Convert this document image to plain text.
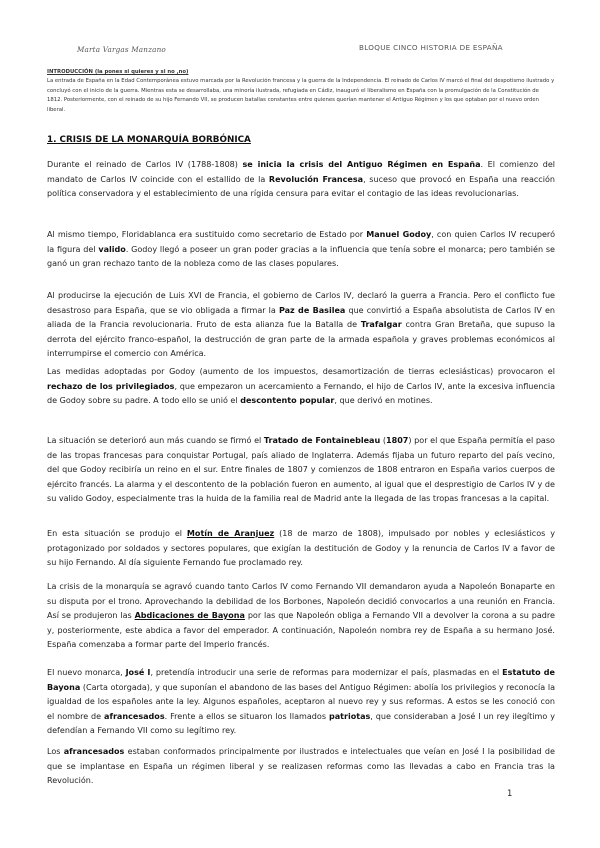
Marta Vargas Manzano	BLOQUE CINCO HISTORIA DE ESPAÑA
INTRODUCCIÓN (la pones si quieres y si no ,no)
La entrada de España en la Edad Contemporánea estuvo marcada por la Revolución francesa y la guerra de la Independencia. El reinado de Carlos IV marcó el final del despotismo ilustrado y concluyó con el inicio de la guerra. Mientras esta se desarrollaba, una minoría ilustrada, refugiada en Cádiz, inauguró el liberalismo en España con la promulgación de la Constitución de 1812. Posteriormente, con el reinado de su hijo Fernando VII, se producen batallas constantes entre quienes querían mantener el Antiguo Régimen y los que optaban por el nuevo orden liberal.
1. CRISIS DE LA MONARQUÍA BORBÓNICA
Durante el reinado de Carlos IV (1788-1808) se inicia la crisis del Antiguo Régimen en España. El comienzo del mandato de Carlos IV coincide con el estallido de la Revolución Francesa, suceso que provocó en España una reacción política conservadora y el establecimiento de una rígida censura para evitar el contagio de las ideas revolucionarias.
Al mismo tiempo, Floridablanca era sustituido como secretario de Estado por Manuel Godoy, con quien Carlos IV recuperó la figura del valido. Godoy llegó a poseer un gran poder gracias a la influencia que tenía sobre el monarca; pero también se ganó un gran rechazo tanto de la nobleza como de las clases populares.
Al producirse la ejecución de Luis XVI de Francia, el gobierno de Carlos IV, declaró la guerra a Francia. Pero el conflicto fue desastroso para España, que se vio obligada a firmar la Paz de Basilea que convirtió a España absolutista de Carlos IV en aliada de la Francia revolucionaria. Fruto de esta alianza fue la Batalla de Trafalgar contra Gran Bretaña, que supuso la derrota del ejército franco-español, la destrucción de gran parte de la armada española y graves problemas económicos al interrumpirse el comercio con América.
Las medidas adoptadas por Godoy (aumento de los impuestos, desamortización de tierras eclesiásticas) provocaron el rechazo de los privilegiados, que empezaron un acercamiento a Fernando, el hijo de Carlos IV, ante la excesiva influencia de Godoy sobre su padre. A todo ello se unió el descontento popular, que derivó en motines.
La situación se deterioró aun más cuando se firmó el Tratado de Fontainebleau (1807) por el que España permitía el paso de las tropas francesas para conquistar Portugal, país aliado de Inglaterra. Además fijaba un futuro reparto del país vecino, del que Godoy recibiría un reino en el sur. Entre finales de 1807 y comienzos de 1808 entraron en España varios cuerpos de ejército francés. La alarma y el descontento de la población fueron en aumento, al igual que el desprestigio de Carlos IV y de su valido Godoy, especialmente tras la huida de la familia real de Madrid ante la llegada de las tropas francesas a la capital.
En esta situación se produjo el Motín de Aranjuez (18 de marzo de 1808), impulsado por nobles y eclesiásticos y protagonizado por soldados y sectores populares, que exigían la destitución de Godoy y la renuncia de Carlos IV a favor de su hijo Fernando. Al día siguiente Fernando fue proclamado rey.
La crisis de la monarquía se agravó cuando tanto Carlos IV como Fernando VII demandaron ayuda a Napoleón Bonaparte en su disputa por el trono. Aprovechando la debilidad de los Borbones, Napoleón decidió convocarlos a una reunión en Francia. Así se produjeron las Abdicaciones de Bayona por las que Napoleón obliga a Fernando VII a devolver la corona a su padre y, posteriormente, este abdica a favor del emperador. A continuación, Napoleón nombra rey de España a su hermano José. España comenzaba a formar parte del Imperio francés.
El nuevo monarca, José I, pretendía introducir una serie de reformas para modernizar el país, plasmadas en el Estatuto de Bayona (Carta otorgada), y que suponían el abandono de las bases del Antiguo Régimen: abolía los privilegios y reconocía la igualdad de los españoles ante la ley. Algunos españoles, aceptaron al nuevo rey y sus reformas. A estos se les conoció con el nombre de afrancesados. Frente a ellos se situaron los llamados patriotas, que consideraban a José I un rey ilegítimo y defendían a Fernando VII como su legítimo rey.
Los afrancesados estaban conformados principalmente por ilustrados e intelectuales que veían en José I la posibilidad de que se implantase en España un régimen liberal y se realizasen reformas como las llevadas a cabo en Francia tras la Revolución.
1
